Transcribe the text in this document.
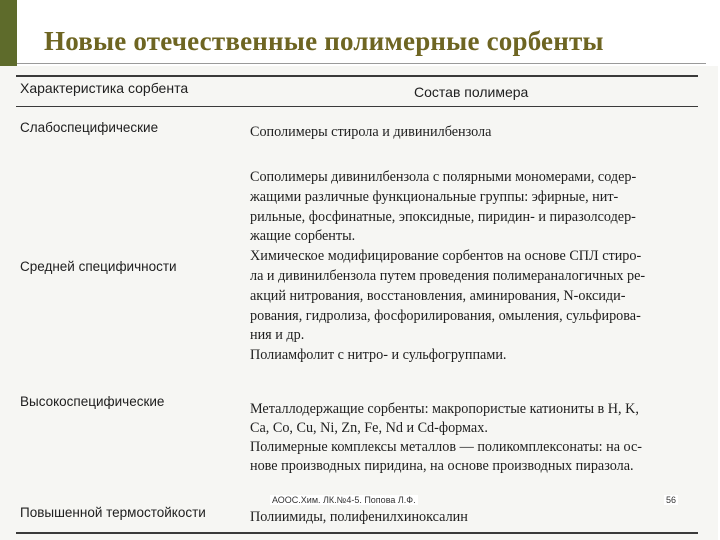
Новые отечественные полимерные сорбенты
Характеристика сорбента	Состав полимера
Слабоспецифические
Средней специфичности
Высокоспецифические
Повышенной термостойкости
Сополимеры стирола и дивинилбензола
Сополимеры дивинилбензола с полярными мономерами, содер-
жащими различные функциональные группы: эфирные, нит-
рильные, фосфинатные, эпоксидные, пиридин- и пиразолсодер-
жащие сорбенты.
Химическое модифицирование сорбентов на основе СПЛ стиро-
ла и дивинилбензола путем проведения полимераналогичных ре-
акций нитрования, восстановления, аминирования, N-оксиди-
рования, гидролиза, фосфорилирования, омыления, сульфирова-
ния и др.
Полиамфолит с нитро- и сульфогруппами.
Металлодержащие сорбенты: макропористые катиониты в H, K,
Ca, Co, Cu, Ni, Zn, Fe, Nd и Cd-формах.
Полимерные комплексы металлов — поликомплексонаты: на ос-
нове производных пиридина, на основе производных пиразола.
Полиимиды, полифенилхиноксалин
АООС.Хим. ЛК.№4-5. Попова Л.Ф.	56
